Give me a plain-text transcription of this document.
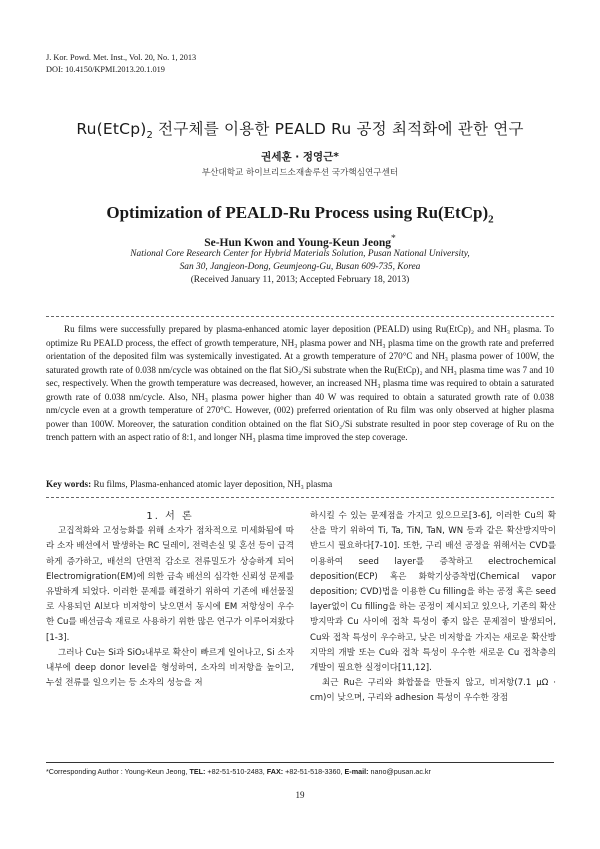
J. Kor. Powd. Met. Inst., Vol. 20, No. 1, 2013
DOI: 10.4150/KPMI.2013.20.1.019
$Ru(EtCp)_2$ 전구체를 이용한 PEALD Ru 공정 최적화에 관한 연구
권세훈 · 정영근*
부산대학교 하이브리드소재솔루션 국가핵심연구센터
Optimization of PEALD-Ru Process using $Ru(EtCp)_2$
Se-Hun Kwon and Young-Keun Jeong*
National Core Research Center for Hybrid Materials Solution, Pusan National University,
San 30, Jangjeon-Dong, Geumjeong-Gu, Busan 609-735, Korea
(Received January 11, 2013; Accepted February 18, 2013)

Ru films were successfully prepared by plasma-enhanced atomic layer deposition (PEALD) using Ru(EtCp)₂ and NH₃ plasma. To optimize Ru PEALD process, the effect of growth temperature, NH₃ plasma power and NH₃ plasma time on the growth rate and preferred orientation of the deposited film was systemically investigated. At a growth temperature of 270°C and NH₃ plasma power of 100W, the saturated growth rate of 0.038 nm/cycle was obtained on the flat SiO₂/Si substrate when the Ru(EtCp)₂ and NH₃ plasma time was 7 and 10 sec, respectively. When the growth temperature was decreased, however, an increased NH₃ plasma time was required to obtain a saturated growth rate of 0.038 nm/cycle. Also, NH₃ plasma power higher than 40 W was required to obtain a saturated growth rate of 0.038 nm/cycle even at a growth temperature of 270°C. However, (002) preferred orientation of Ru film was only observed at higher plasma power than 100W. Moreover, the saturation condition obtained on the flat SiO₂/Si substrate resulted in poor step coverage of Ru on the trench pattern with an aspect ratio of 8:1, and longer NH₃ plasma time improved the step coverage.

Key words: Ru films, Plasma-enhanced atomic layer deposition, NH₃ plasma

1. 서 론

고집적화와 고성능화를 위해 소자가 점차적으로 미세화됨에 따라 소자 배선에서 발생하는 RC 딜레이, 전력손실 및 혼선 등이 급격하게 증가하고, 배선의 단면적 감소로 전류밀도가 상승하게 되어 Electromigration(EM)에 의한 금속 배선의 심각한 신뢰성 문제를 유발하게 되었다. 이러한 문제를 해결하기 위하여 기존에 배선물질로 사용되던 Al보다 비저항이 낮으면서 동시에 EM 저항성이 우수한 Cu를 배선금속 재료로 사용하기 위한 많은 연구가 이루어져왔다[1-3].

그러나 Cu는 Si과 SiO₂내부로 확산이 빠르게 일어나고, Si 소자 내부에 deep donor level을 형성하여, 소자의 비저항을 높이고, 누설 전류를 일으키는 등 소자의 성능을 저

하시킬 수 있는 문제점을 가지고 있으므로[3-6], 이러한 Cu의 확산을 막기 위하여 Ti, Ta, TiN, TaN, WN 등과 같은 확산방지막이 반드시 필요하다[7-10]. 또한, 구리 배선 공정을 위해서는 CVD를 이용하여 seed layer를 증착하고 electrochemical deposition(ECP) 혹은 화학기상증착법(Chemical vapor deposition; CVD)법을 이용한 Cu filling을 하는 공정 혹은 seed layer없이 Cu filling을 하는 공정이 제시되고 있으나, 기존의 확산방지막과 Cu 사이에 접착 특성이 좋지 않은 문제점이 발생되어, Cu와 접착 특성이 우수하고, 낮은 비저항을 가지는 새로운 확산방지막의 개발 또는 Cu와 접착 특성이 우수한 새로운 Cu 접착층의 개발이 필요한 실정이다[11,12].

최근 Ru은 구리와 화합물을 만들지 않고, 비저항(7.1 μΩ · cm)이 낮으며, 구리와 adhesion 특성이 우수한 장점

*Corresponding Author : Young-Keun Jeong, TEL: +82-51-510-2483, FAX: +82-51-518-3360, E-mail: nano@pusan.ac.kr
19
